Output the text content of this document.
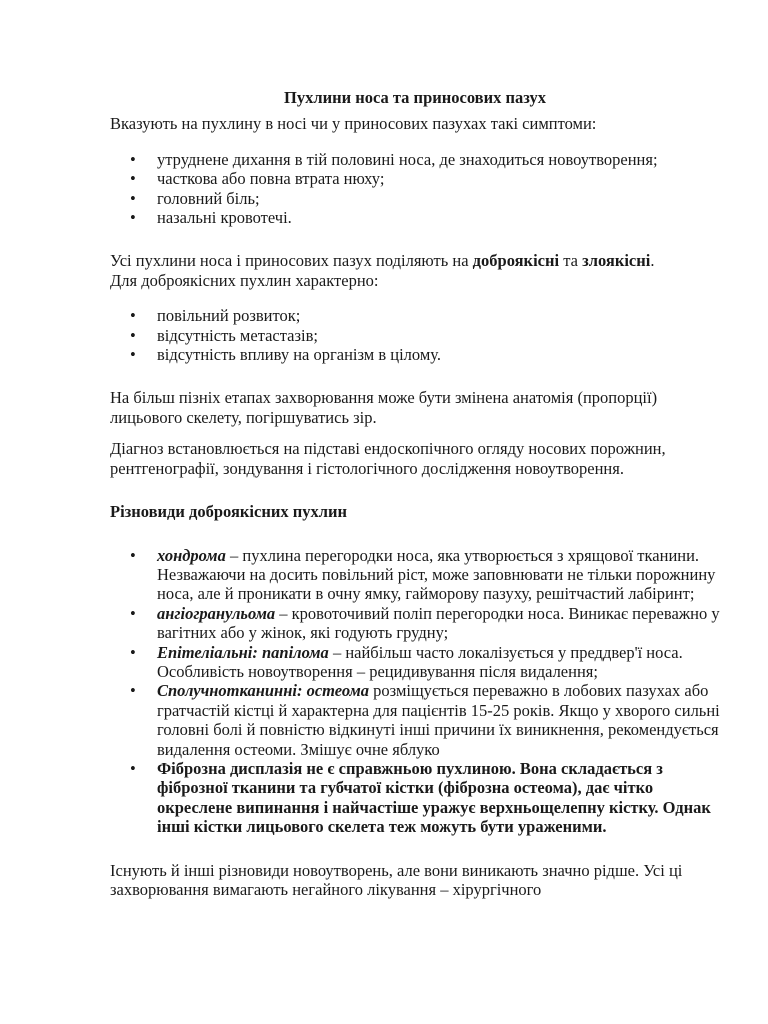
Пухлини носа та приносових пазух

Вказують на пухлину в носі чи у приносових пазухах такі симптоми:

• утруднене дихання в тій половині носа, де знаходиться новоутворення;
• часткова або повна втрата нюху;
• головний біль;
• назальні кровотечі.

Усі пухлини носа і приносових пазух поділяють на доброякісні та злоякісні.
Для доброякісних пухлин характерно:

• повільний розвиток;
• відсутність метастазів;
• відсутність впливу на організм в цілому.

На більш пізніх етапах захворювання може бути змінена анатомія (пропорції) лицьового скелету, погіршуватись зір.

Діагноз встановлюється на підставі ендоскопічного огляду носових порожнин, рентгенографії, зондування і гістологічного дослідження новоутворення.

Різновиди доброякісних пухлин

• хондрома – пухлина перегородки носа, яка утворюється з хрящової тканини. Незважаючи на досить повільний ріст, може заповнювати не тільки порожнину носа, але й проникати в очну ямку, гайморову пазуху, решітчастий лабіринт;
• ангіогранульома – кровоточивий поліп перегородки носа. Виникає переважно у вагітних або у жінок, які годують грудну;
• Епітеліальні: папілома – найбільш часто локалізується у преддвер'ї носа. Особливість новоутворення – рецидивування після видалення;
• Сполучнотканинні: остеома розміщується переважно в лобових пазухах або гратчастій кістці й характерна для пацієнтів 15-25 років. Якщо у хворого сильні головні болі й повністю відкинуті інші причини їх виникнення, рекомендується видалення остеоми. Змішує очне яблуко
• Фіброзна дисплазія не є справжньою пухлиною. Вона складається з фіброзної тканини та губчатої кістки (фіброзна остеома), дає чітко окреслене випинання і найчастіше уражує верхньощелепну кістку. Однак інші кістки лицьового скелета теж можуть бути ураженими.

Існують й інші різновиди новоутворень, але вони виникають значно рідше. Усі ці захворювання вимагають негайного лікування – хірургічного
